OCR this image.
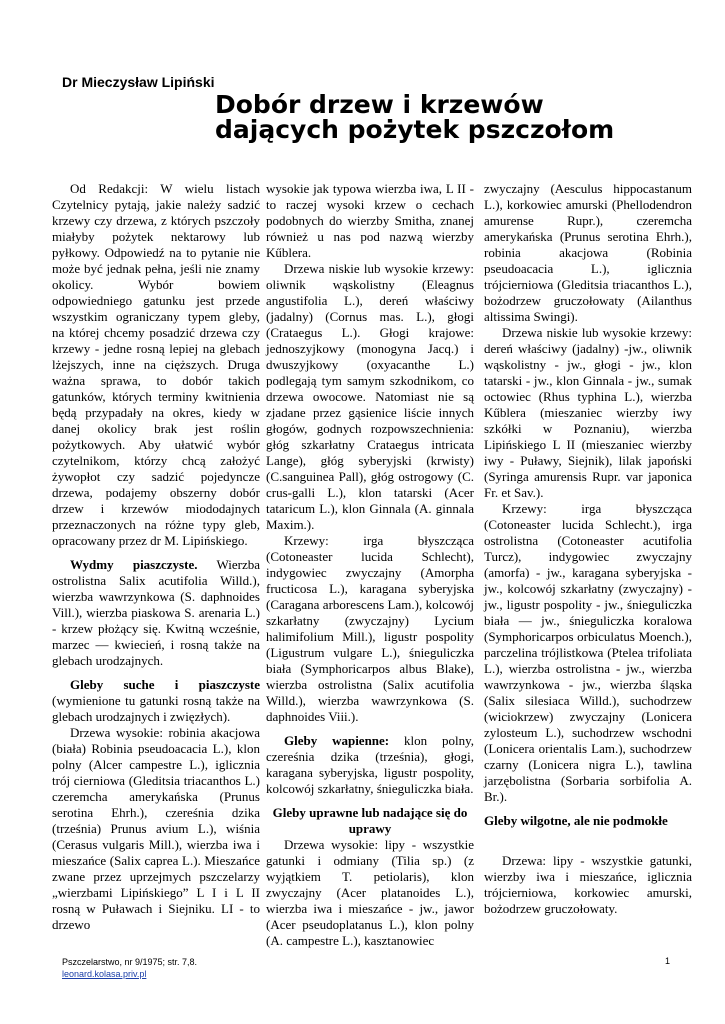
Dr Mieczysław Lipiński
Dobór drzew i krzewów
dających pożytek pszczołom

Od Redakcji: W wielu listach Czytelnicy pytają, jakie należy sadzić krzewy czy drzewa, z których pszczoły miałyby pożytek nektarowy lub pyłkowy. Odpowiedź na to pytanie nie może być jednak pełna, jeśli nie znamy okolicy. Wybór bowiem odpowiedniego gatunku jest przede wszystkim ograniczany typem gleby, na której chcemy posadzić drzewa czy krzewy - jedne rosną lepiej na glebach lżejszych, inne na cięższych. Druga ważna sprawa, to dobór takich gatunków, których terminy kwitnienia będą przypadały na okres, kiedy w danej okolicy brak jest roślin pożytkowych. Aby ułatwić wybór czytelnikom, którzy chcą założyć żywopłot czy sadzić pojedyncze drzewa, podajemy obszerny dobór drzew i krzewów miododajnych przeznaczonych na różne typy gleb, opracowany przez dr M. Lipińskiego.

Wydmy piaszczyste. Wierzba ostrolistna Salix acutifolia Willd.), wierzba wawrzynkowa (S. daphnoides Vill.), wierzba piaskowa S. arenaria L.) - krzew płożący się. Kwitną wcześnie, marzec — kwiecień, i rosną także na glebach urodzajnych.

Gleby suche i piaszczyste (wymienione tu gatunki rosną także na glebach urodzajnych i zwięzłych).

Drzewa wysokie: robinia akacjowa (biała) Robinia pseudoacacia L.), klon polny (Alcer campestre L.), iglicznia trój cierniowa (Gleditsia triacanthos L.) czeremcha amerykańska (Prunus serotina Ehrh.), czereśnia dzika (trześnia) Prunus avium L.), wiśnia (Cerasus vulgaris Mill.), wierzba iwa i mieszańce (Salix caprea L.). Mieszańce zwane przez uprzejmych pszczelarzy „wierzbami Lipińskiego” L I i L II rosną w Puławach i Siejniku. LI - to drzewo

wysokie jak typowa wierzba iwa, L II - to raczej wysoki krzew o cechach podobnych do wierzby Smitha, znanej również u nas pod nazwą wierzby Kűblera.

Drzewa niskie lub wysokie krzewy: oliwnik wąskolistny (Eleagnus angustifolia L.), dereń właściwy (jadalny) (Cornus mas. L.), głogi (Crataegus L.). Głogi krajowe: jednoszyjkowy (monogyna Jacq.) i dwuszyjkowy (oxyacanthe L.) podlegają tym samym szkodnikom, co drzewa owocowe. Natomiast nie są zjadane przez gąsienice liście innych głogów, godnych rozpowszechnienia: głóg szkarłatny Crataegus intricata Lange), głóg syberyjski (krwisty) (C.sanguinea Pall), głóg ostrogowy (C. crus-galli L.), klon tatarski (Acer tataricum L.), klon Ginnala (A. ginnala Maxim.).

Krzewy: irga błyszcząca (Cotoneaster lucida Schlecht), indygowiec zwyczajny (Amorpha fructicosa L.), karagana syberyjska (Caragana arborescens Lam.), kolcowój szkarłatny (zwyczajny) Lycium halimifolium Mill.), ligustr pospolity (Ligustrum vulgare L.), śnieguliczka biała (Symphoricarpos albus Blake), wierzba ostrolistna (Salix acutifolia Willd.), wierzba wawrzynkowa (S. daphnoides Viii.).

Gleby wapienne: klon polny, czereśnia dzika (trześnia), głogi, karagana syberyjska, ligustr pospolity, kolcowój szkarłatny, śnieguliczka biała.

Gleby uprawne lub nadające się do uprawy

Drzewa wysokie: lipy - wszystkie gatunki i odmiany (Tilia sp.) (z wyjątkiem T. petiolaris), klon zwyczajny (Acer platanoides L.), wierzba iwa i mieszańce - jw., jawor (Acer pseudoplatanus L.), klon polny (A. campestre L.), kasztanowiec

zwyczajny (Aesculus hippocastanum L.), korkowiec amurski (Phellodendron amurense Rupr.), czeremcha amerykańska (Prunus serotina Ehrh.), robinia akacjowa (Robinia pseudoacacia L.), iglicznia trójcierniowa (Gleditsia triacanthos L.), bożodrzew gruczołowaty (Ailanthus altissima Swingi).

Drzewa niskie lub wysokie krzewy: dereń właściwy (jadalny) -jw., oliwnik wąskolistny - jw., głogi - jw., klon tatarski - jw., klon Ginnala - jw., sumak octowiec (Rhus typhina L.), wierzba Kűblera (mieszaniec wierzby iwy szkółki w Poznaniu), wierzba Lipińskiego L II (mieszaniec wierzby iwy - Puławy, Siejnik), lilak japoński (Syringa amurensis Rupr. var japonica Fr. et Sav.).

Krzewy: irga błyszcząca (Cotoneaster lucida Schlecht.), irga ostrolistna (Cotoneaster acutifolia Turcz), indygowiec zwyczajny (amorfa) - jw., karagana syberyjska - jw., kolcowój szkarłatny (zwyczajny) - jw., ligustr pospolity - jw., śnieguliczka biała — jw., śnieguliczka koralowa (Symphoricarpos orbiculatus Moench.), parczelina trójlistkowa (Ptelea trifoliata L.), wierzba ostrolistna - jw., wierzba wawrzynkowa - jw., wierzba śląska (Salix silesiaca Willd.), suchodrzew (wiciokrzew) zwyczajny (Lonicera zylosteum L.), suchodrzew wschodni (Lonicera orientalis Lam.), suchodrzew czarny (Lonicera nigra L.), tawlina jarzębolistna (Sorbaria sorbifolia A. Br.).

Gleby wilgotne, ale nie podmokłe

Drzewa: lipy - wszystkie gatunki, wierzby iwa i mieszańce, iglicznia trójcierniowa, korkowiec amurski, bożodrzew gruczołowaty.

Pszczelarstwo, nr 9/1975; str. 7,8.
leonard.kolasa.priv.pl
1
